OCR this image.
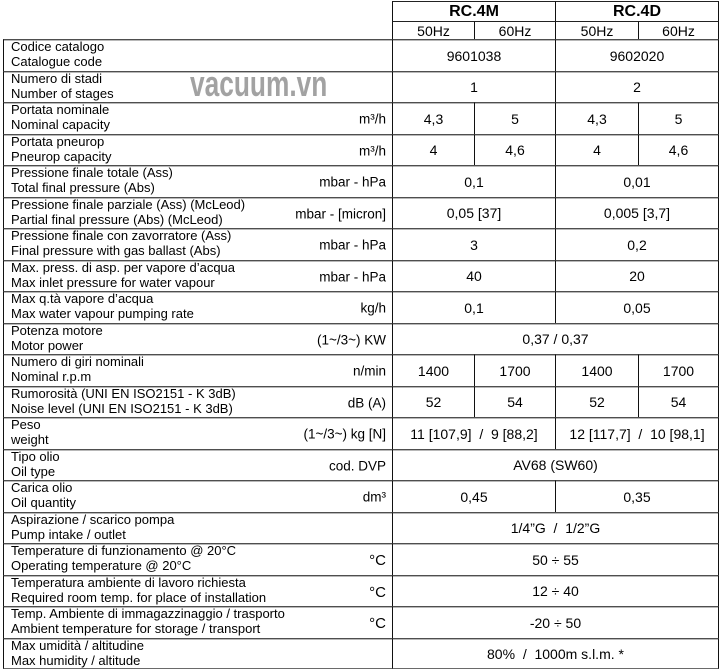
RC.4M
50Hz	60Hz
RC.4D
50Hz	60Hz
Codice catalogo
Catalogue code	9601038	9602020
Numero di stadi
Number of stages	1	2
Portata nominale
Nominal capacity	m³/h	4,3	5	4,3	5
Portata pneurop
Pneurop capacity	m³/h	4	4,6	4	4,6
Pressione finale totale (Ass)
Total final pressure (Abs)	mbar - hPa	0,1	0,01
Pressione finale parziale (Ass) (McLeod)
Partial final pressure (Abs) (McLeod)	mbar - [micron]	0,05 [37]	0,005 [3,7]
Pressione finale con zavorratore (Ass)
Final pressure with gas ballast (Abs)	mbar - hPa	3	0,2
Max. press. di asp. per vapore d’acqua
Max inlet pressure for water vapour	mbar - hPa	40	20
Max q.tà vapore d’acqua
Max water vapour pumping rate	kg/h	0,1	0,05
Potenza motore
Motor power	(1~/3~) KW	0,37 / 0,37
Numero di giri nominali
Nominal r.p.m	n/min	1400	1700	1400	1700
Rumorosità (UNI EN ISO2151 - K 3dB)
Noise level (UNI EN ISO2151 - K 3dB)	dB (A)	52	54	52	54
Peso
weight	(1~/3~) kg [N]	11 [107,9]  /  9 [88,2]	12 [117,7]  /  10 [98,1]
Tipo olio
Oil type	cod. DVP	AV68 (SW60)
Carica olio
Oil quantity	dm³	0,45	0,35
Aspirazione / scarico pompa
Pump intake / outlet	1/4”G  /  1/2”G
Temperature di funzionamento @ 20°C
Operating temperature @ 20°C	°C	50 ÷ 55
Temperatura ambiente di lavoro richiesta
Required room temp. for place of installation	°C	12 ÷ 40
Temp. Ambiente di immagazzinaggio / trasporto
Ambient temperature for storage / transport	°C	-20 ÷ 50
Max umidità / altitudine
Max humidity / altitude	80%  /  1000m s.l.m. *
vacuum.vn
